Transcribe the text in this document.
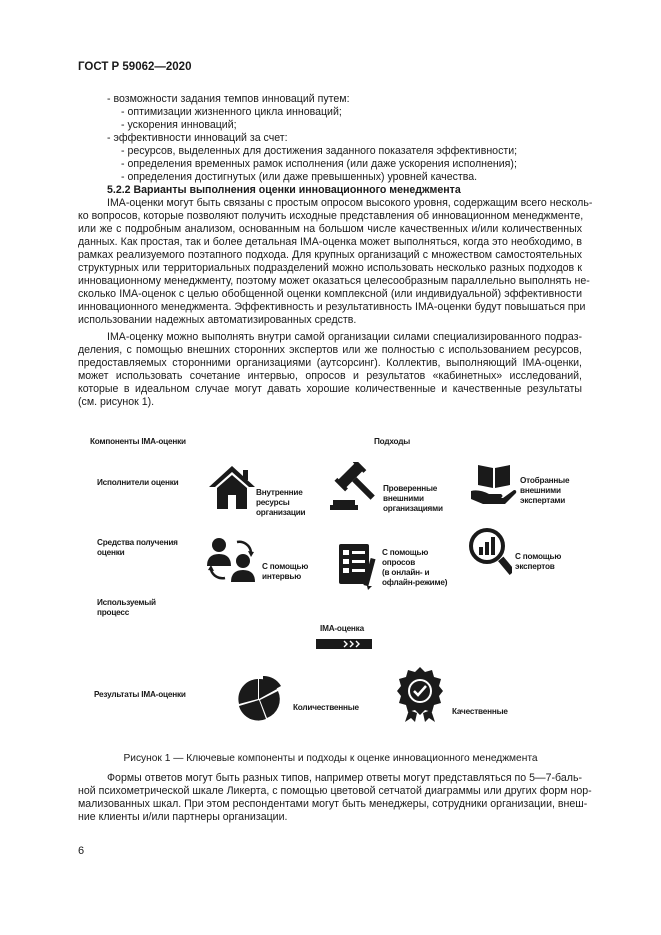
ГОСТ Р 59062—2020
- возможности задания темпов инноваций путем:
- оптимизации жизненного цикла инноваций;
- ускорения инноваций;
- эффективности инноваций за счет:
- ресурсов, выделенных для достижения заданного показателя эффективности;
- определения временных рамок исполнения (или даже ускорения исполнения);
- определения достигнутых (или даже превышенных) уровней качества.
5.2.2 Варианты выполнения оценки инновационного менеджмента
IMA-оценки могут быть связаны с простым опросом высокого уровня, содержащим всего несколь-
ко вопросов, которые позволяют получить исходные представления об инновационном менеджменте,
или же с подробным анализом, основанным на большом числе качественных и/или количественных
данных. Как простая, так и более детальная IMA-оценка может выполняться, когда это необходимо, в
рамках реализуемого поэтапного подхода. Для крупных организаций с множеством самостоятельных
структурных или территориальных подразделений можно использовать несколько разных подходов к
инновационному менеджменту, поэтому может оказаться целесообразным параллельно выполнять не-
сколько IMA-оценок с целью обобщенной оценки комплексной (или индивидуальной) эффективности
инновационного менеджмента. Эффективность и результативность IMA-оценки будут повышаться при
использовании надежных автоматизированных средств.
IMA-оценку можно выполнять внутри самой организации силами специализированного подраз-
деления, с помощью внешних сторонних экспертов или же полностью с использованием ресурсов,
предоставляемых сторонними организациями (аутсорсинг). Коллектив, выполняющий IMA-оценки,
может использовать сочетание интервью, опросов и результатов «кабинетных» исследований,
которые в идеальном случае могут давать хорошие количественные и качественные результаты
(см. рисунок 1).
Компоненты IMA-оценки	Подходы
Исполнители оценки
Средства получения
оценки
Используемый
процесс
Результаты IMA-оценки
Внутренние
ресурсы
организации
Проверенные
внешними
организациями
Отобранные
внешними
экспертами
С помощью
интервью
С помощью
опросов
(в онлайн- и
офлайн-режиме)
С помощью
экспертов
IMA-оценка
Количественные	Качественные
Рисунок 1 — Ключевые компоненты и подходы к оценке инновационного менеджмента
Формы ответов могут быть разных типов, например ответы могут представляться по 5—7-баль-
ной психометрической шкале Ликерта, с помощью цветовой сетчатой диаграммы или других форм нор-
мализованных шкал. При этом респондентами могут быть менеджеры, сотрудники организации, внеш-
ние клиенты и/или партнеры организации.
6
